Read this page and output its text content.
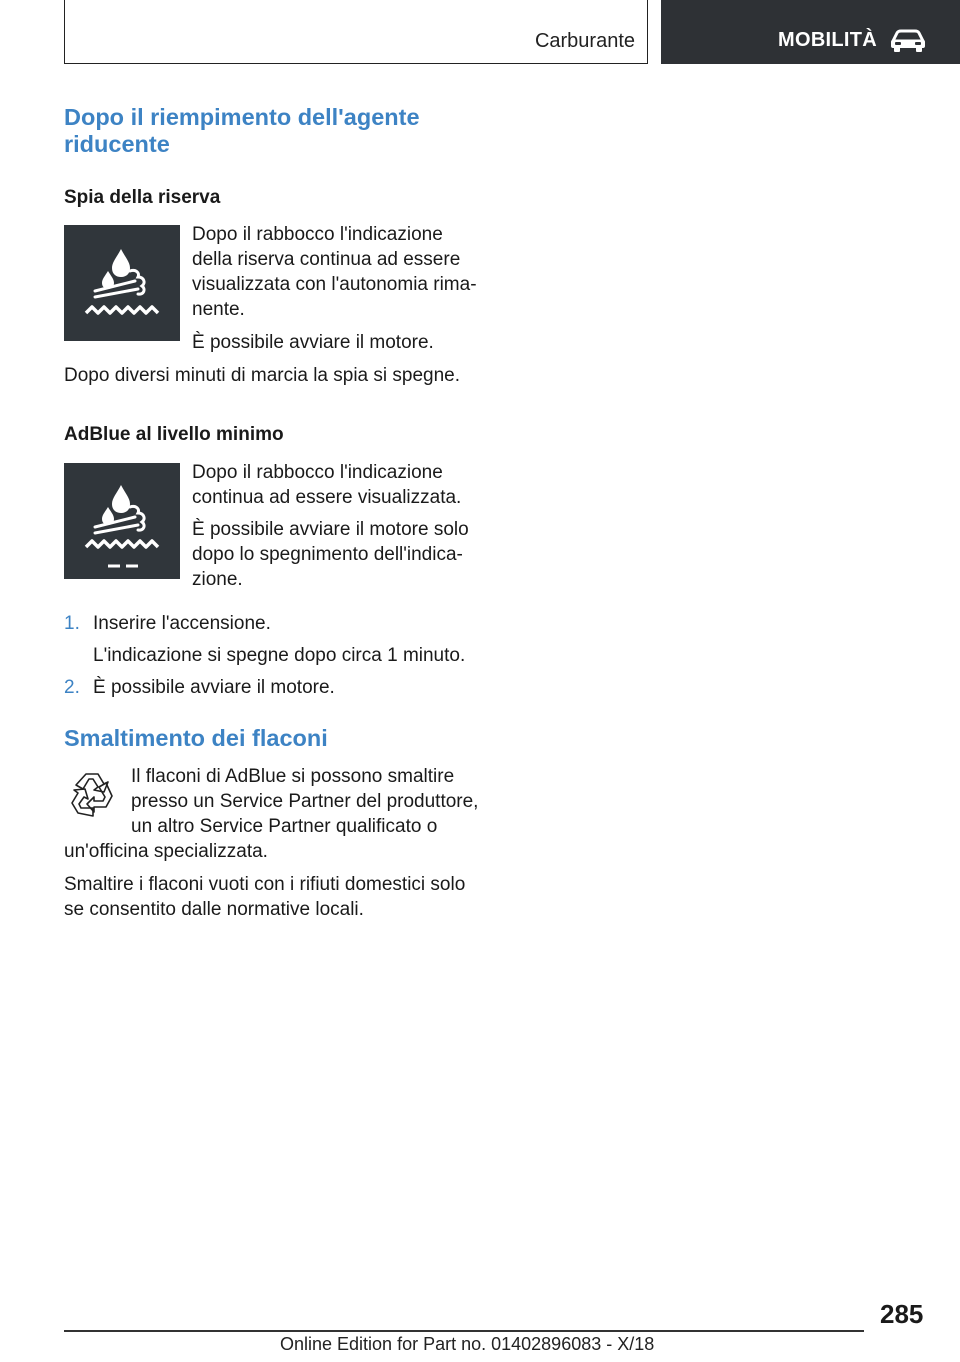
Carburante	MOBILITÀ
Dopo il riempimento dell'agente
riducente
Spia della riserva
Dopo il rabbocco l'indicazione
della riserva continua ad essere
visualizzata con l'autonomia rima‐
nente.
È possibile avviare il motore.
Dopo diversi minuti di marcia la spia si spegne.
AdBlue al livello minimo
Dopo il rabbocco l'indicazione
continua ad essere visualizzata.
È possibile avviare il motore solo
dopo lo spegnimento dell'indica‐
zione.
1. Inserire l'accensione.
L'indicazione si spegne dopo circa 1 minuto.
2. È possibile avviare il motore.
Smaltimento dei flaconi
Il flaconi di AdBlue si possono smaltire
presso un Service Partner del produttore,
un altro Service Partner qualificato o
un'officina specializzata.
Smaltire i flaconi vuoti con i rifiuti domestici solo
se consentito dalle normative locali.
285
Online Edition for Part no. 01402896083 - X/18
